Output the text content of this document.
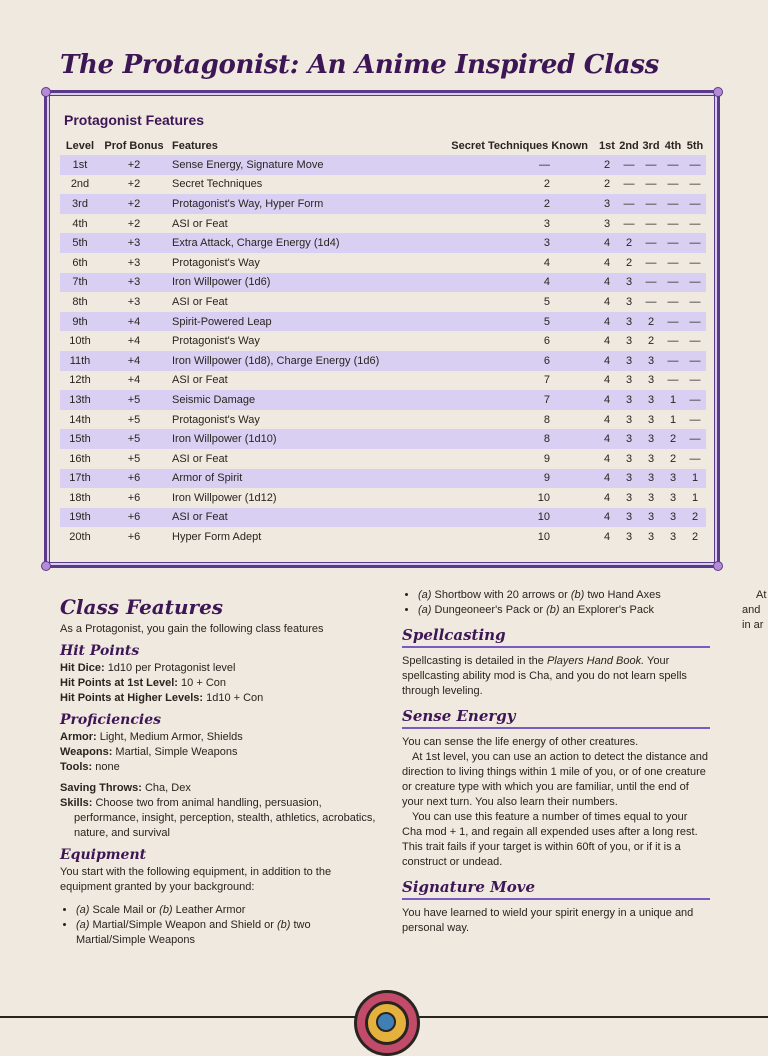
The Protagonist: An Anime Inspired Class
Protagonist Features
Level	Prof Bonus	Features	Secret Techniques Known	1st	2nd	3rd	4th	5th
1st	+2	Sense Energy, Signature Move	—	2	—	—	—	—
2nd	+2	Secret Techniques	2	2	—	—	—	—
3rd	+2	Protagonist's Way, Hyper Form	2	3	—	—	—	—
4th	+2	ASI or Feat	3	3	—	—	—	—
5th	+3	Extra Attack, Charge Energy (1d4)	3	4	2	—	—	—
6th	+3	Protagonist's Way	4	4	2	—	—	—
7th	+3	Iron Willpower (1d6)	4	4	3	—	—	—
8th	+3	ASI or Feat	5	4	3	—	—	—
9th	+4	Spirit-Powered Leap	5	4	3	2	—	—
10th	+4	Protagonist's Way	6	4	3	2	—	—
11th	+4	Iron Willpower (1d8), Charge Energy (1d6)	6	4	3	3	—	—
12th	+4	ASI or Feat	7	4	3	3	—	—
13th	+5	Seismic Damage	7	4	3	3	1	—
14th	+5	Protagonist's Way	8	4	3	3	1	—
15th	+5	Iron Willpower (1d10)	8	4	3	3	2	—
16th	+5	ASI or Feat	9	4	3	3	2	—
17th	+6	Armor of Spirit	9	4	3	3	3	1
18th	+6	Iron Willpower (1d12)	10	4	3	3	3	1
19th	+6	ASI or Feat	10	4	3	3	3	2
20th	+6	Hyper Form Adept	10	4	3	3	3	2
Class Features

As a Protagonist, you gain the following class features

Hit Points

Hit Dice: 1d10 per Protagonist level

Hit Points at 1st Level: 10 + Con

Hit Points at Higher Levels: 1d10 + Con

Proficiencies

Armor: Light, Medium Armor, Shields

Weapons: Martial, Simple Weapons

Tools: none

Saving Throws: Cha, Dex

Skills: Choose two from animal handling, persuasion, performance, insight, perception, stealth, athletics, acrobatics, nature, and survival

Equipment

You start with the following equipment, in addition to the equipment granted by your background:

• (a) Scale Mail or (b) Leather Armor
• (a) Martial/Simple Weapon and Shield or (b) two Martial/Simple Weapons
• (a) Shortbow with 20 arrows or (b) two Hand Axes
• (a) Dungeoneer's Pack or (b) an Explorer's Pack
Spellcasting

Spellcasting is detailed in the Players Hand Book. Your spellcasting ability mod is Cha, and you do not learn spells through leveling.

Sense Energy

You can sense the life energy of other creatures.

At 1st level, you can use an action to detect the distance and direction to living things within 1 mile of you, or of one creature or creature type with which you are familiar, until the end of your next turn. You also learn their numbers.

You can use this feature a number of times equal to your Cha mod + 1, and regain all expended uses after a long rest. This trait fails if your target is within 60ft of you, or if it is a construct or undead.

Signature Move

You have learned to wield your spirit energy in a unique and personal way.

At
and
in ar
